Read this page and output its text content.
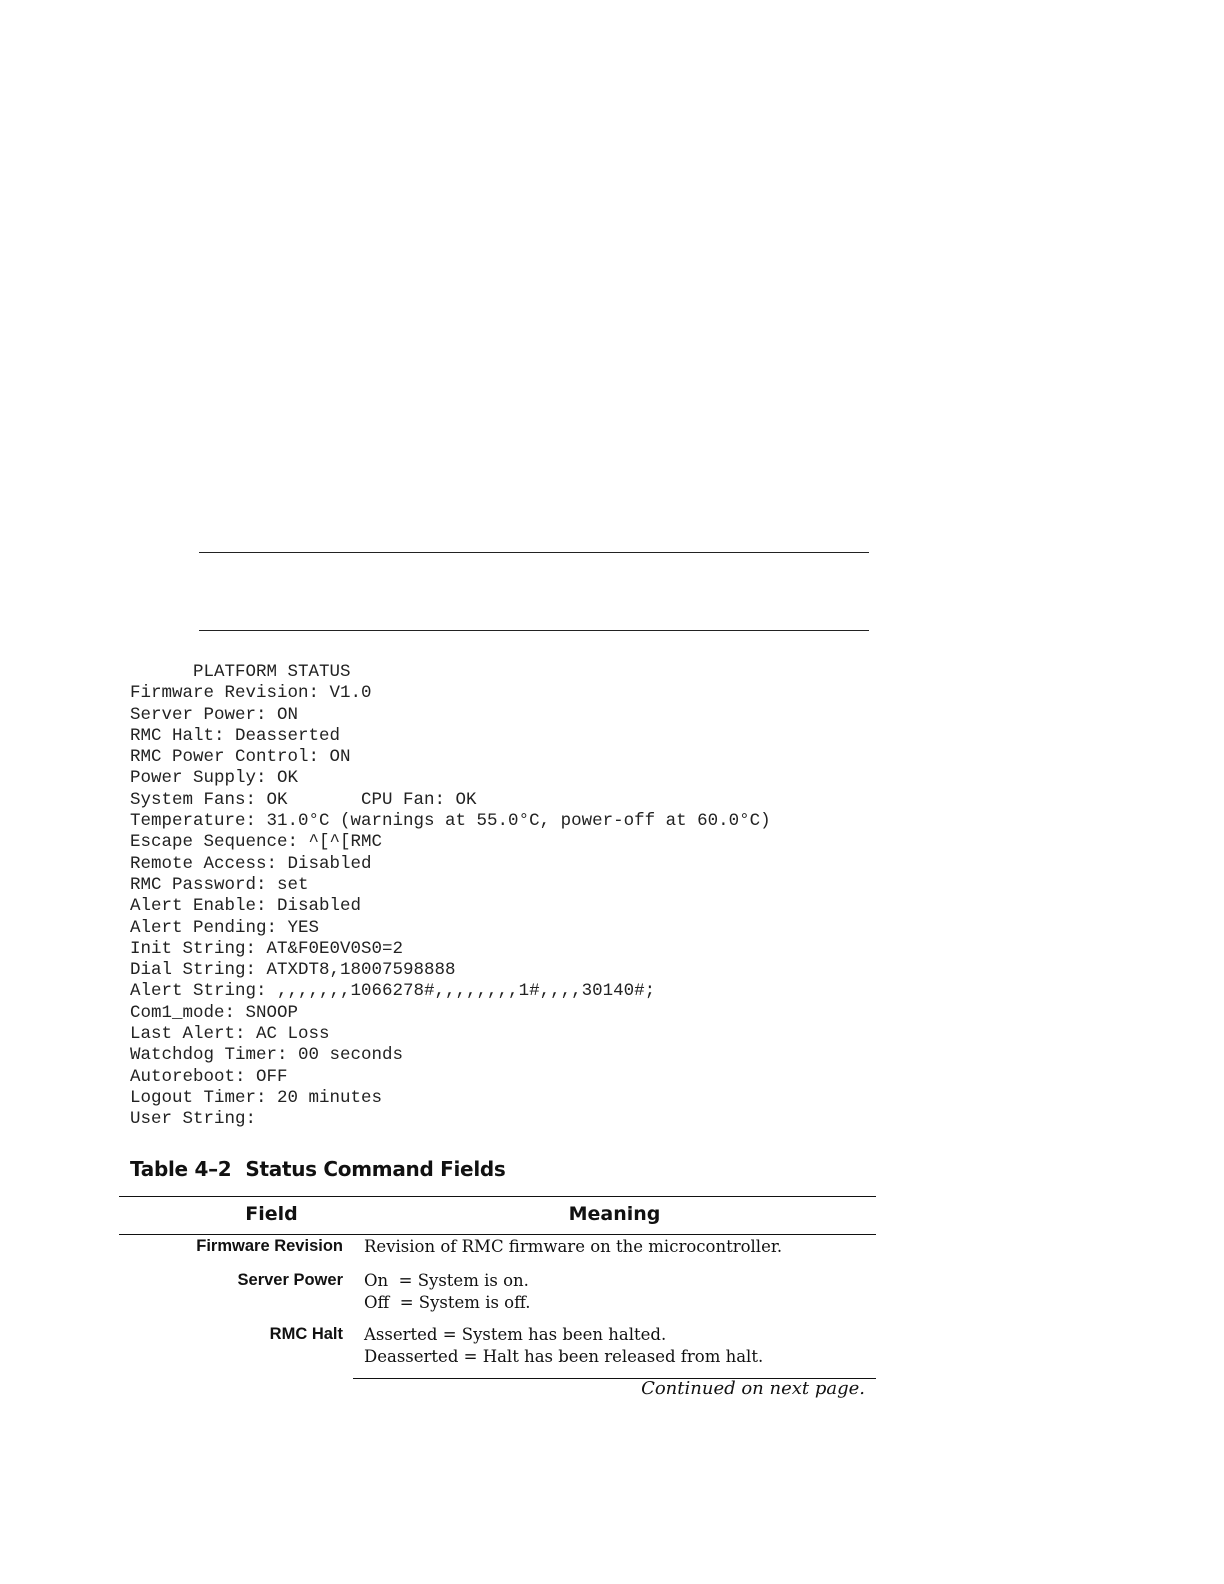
PLATFORM STATUS
Firmware Revision: V1.0
Server Power: ON
RMC Halt: Deasserted
RMC Power Control: ON
Power Supply: OK
System Fans: OK       CPU Fan: OK
Temperature: 31.0°C (warnings at 55.0°C, power-off at 60.0°C)
Escape Sequence: ^[^[RMC
Remote Access: Disabled
RMC Password: set
Alert Enable: Disabled
Alert Pending: YES
Init String: AT&F0E0V0S0=2
Dial String: ATXDT8,18007598888
Alert String: ,,,,,,,1066278#,,,,,,,,1#,,,,30140#;
Com1_mode: SNOOP
Last Alert: AC Loss
Watchdog Timer: 00 seconds
Autoreboot: OFF
Logout Timer: 20 minutes
User String:
Table 4–2 Status Command Fields
Field	Meaning
Firmware Revision Revision of RMC firmware on the microcontroller.
Server Power On  = System is on.
Off  = System is off.
RMC Halt Asserted = System has been halted.
Deasserted = Halt has been released from halt.
Continued on next page.
